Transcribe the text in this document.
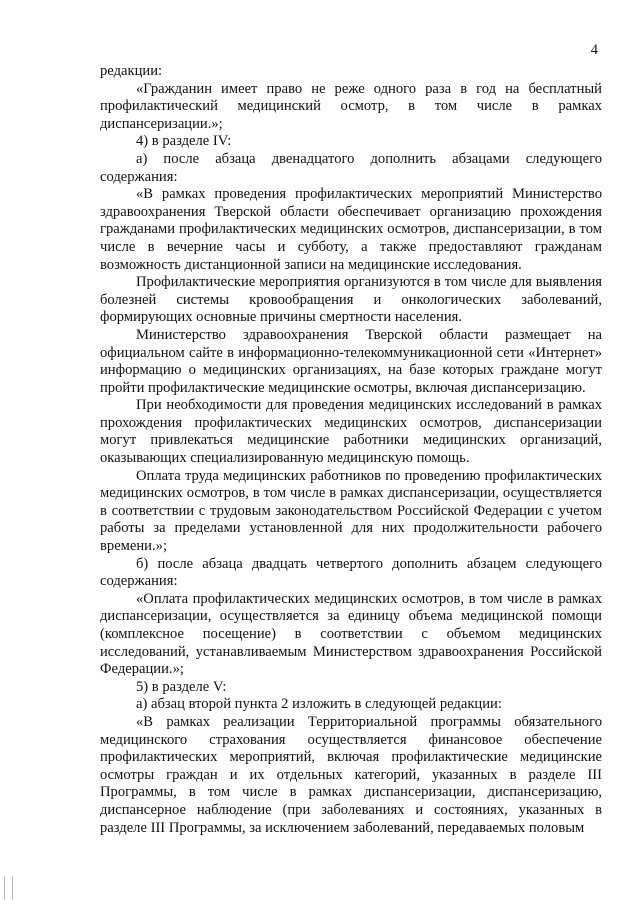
4

редакции:

«Гражданин имеет право не реже одного раза в год на бесплатный профилактический медицинский осмотр, в том числе в рамках диспансеризации.»;

4) в разделе IV:

а) после абзаца двенадцатого дополнить абзацами следующего содержания:

«В рамках проведения профилактических мероприятий Министерство здравоохранения Тверской области обеспечивает организацию прохождения гражданами профилактических медицинских осмотров, диспансеризации, в том числе в вечерние часы и субботу, а также предоставляют гражданам возможность дистанционной записи на медицинские исследования.

Профилактические мероприятия организуются в том числе для выявления болезней системы кровообращения и онкологических заболеваний, формирующих основные причины смертности населения.

Министерство здравоохранения Тверской области размещает на официальном сайте в информационно-телекоммуникационной сети «Интернет» информацию о медицинских организациях, на базе которых граждане могут пройти профилактические медицинские осмотры, включая диспансеризацию.

При необходимости для проведения медицинских исследований в рамках прохождения профилактических медицинских осмотров, диспансеризации могут привлекаться медицинские работники медицинских организаций, оказывающих специализированную медицинскую помощь.

Оплата труда медицинских работников по проведению профилактических медицинских осмотров, в том числе в рамках диспансеризации, осуществляется в соответствии с трудовым законодательством Российской Федерации с учетом работы за пределами установленной для них продолжительности рабочего времени.»;

б) после абзаца двадцать четвертого дополнить абзацем следующего содержания:

«Оплата профилактических медицинских осмотров, в том числе в рамках диспансеризации, осуществляется за единицу объема медицинской помощи (комплексное посещение) в соответствии с объемом медицинских исследований, устанавливаемым Министерством здравоохранения Российской Федерации.»;

5) в разделе V:

а) абзац второй пункта 2 изложить в следующей редакции:

«В рамках реализации Территориальной программы обязательного медицинского страхования осуществляется финансовое обеспечение профилактических мероприятий, включая профилактические медицинские осмотры граждан и их отдельных категорий, указанных в разделе III Программы, в том числе в рамках диспансеризации, диспансеризацию, диспансерное наблюдение (при заболеваниях и состояниях, указанных в разделе III Программы, за исключением заболеваний, передаваемых половым
